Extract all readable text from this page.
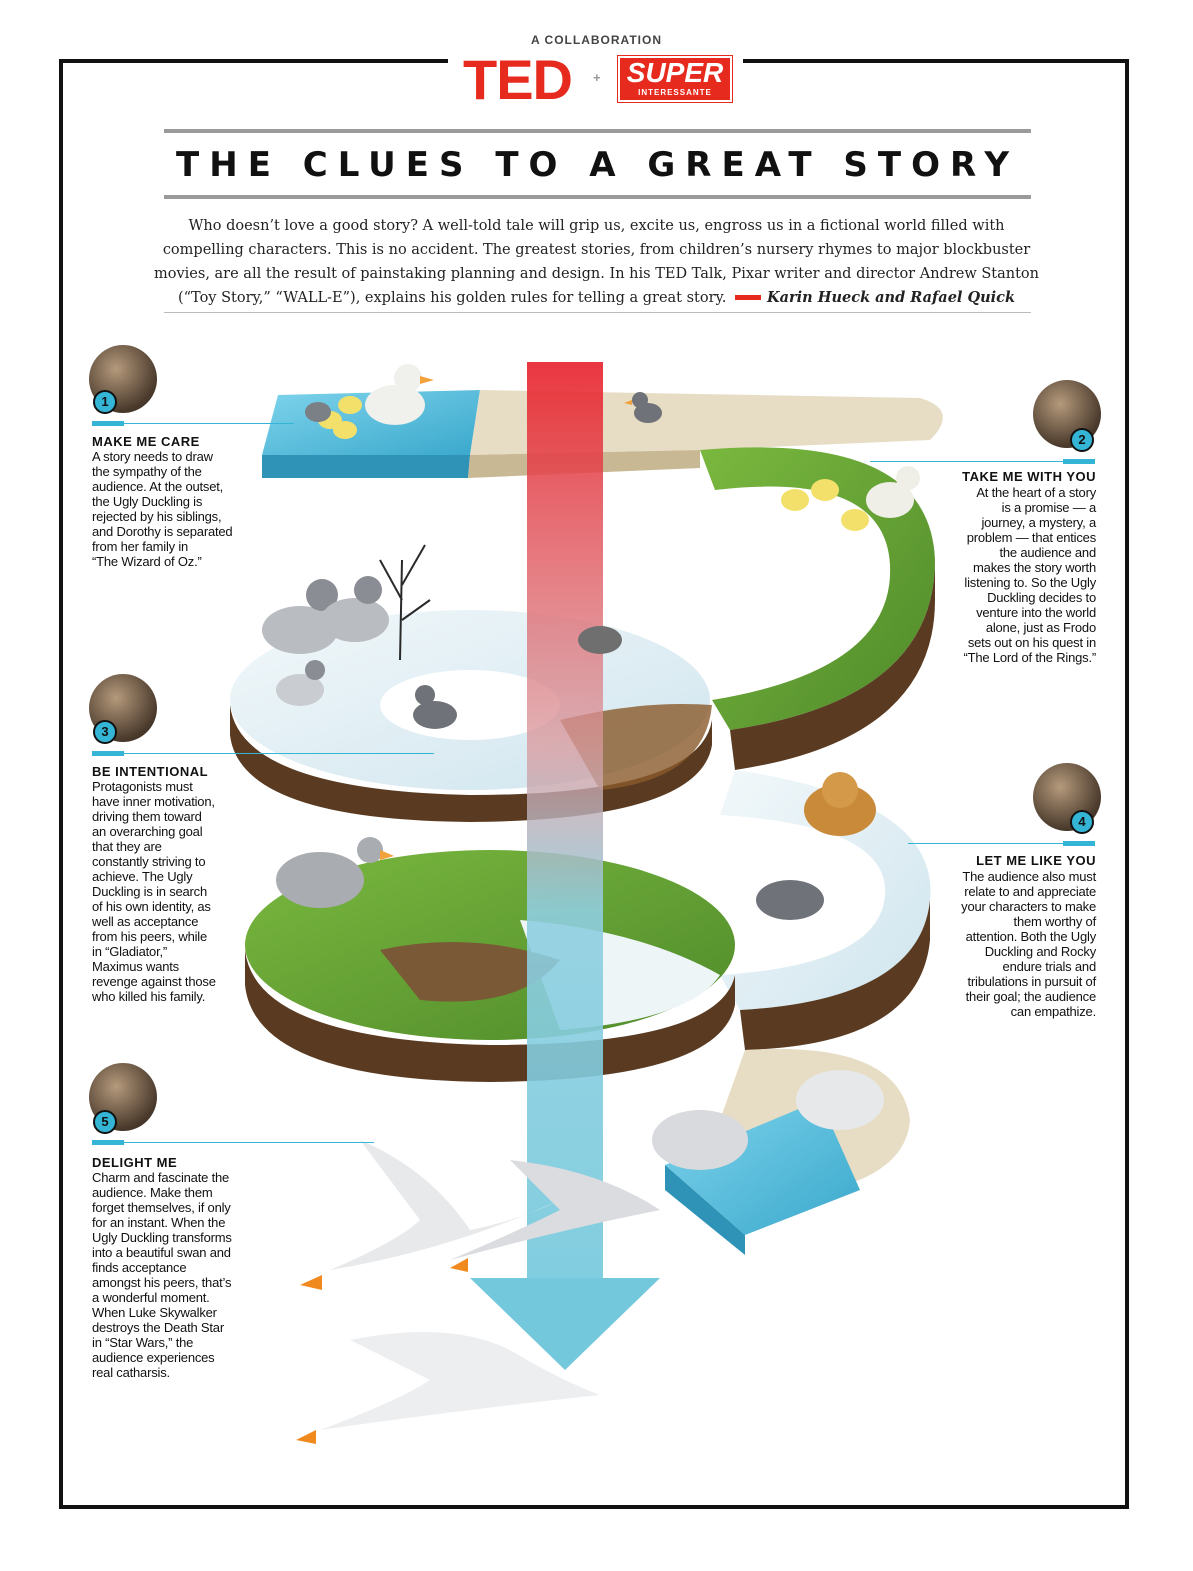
A COLLABORATION
TED + SUPER
INTERESSANTE
THE CLUES TO A GREAT STORY
Who doesn’t love a good story? A well-told tale will grip us, excite us, engross us in a fictional world filled with compelling characters. This is no accident. The greatest stories, from children’s nursery rhymes to major blockbuster movies, are all the result of painstaking planning and design. In his TED Talk, Pixar writer and director Andrew Stanton (“Toy Story,” “WALL-E”), explains his golden rules for telling a great story.	Karin Hueck and Rafael Quick
1
MAKE ME CARE
A story needs to draw
the sympathy of the
audience. At the outset,
the Ugly Duckling is
rejected by his siblings,
and Dorothy is separated
from her family in
“The Wizard of Oz.”
2
TAKE ME WITH YOU
At the heart of a story
is a promise — a
journey, a mystery, a
problem — that entices
the audience and
makes the story worth
listening to. So the Ugly
Duckling decides to
venture into the world
alone, just as Frodo
sets out on his quest in
“The Lord of the Rings.”
3
BE INTENTIONAL
Protagonists must
have inner motivation,
driving them toward
an overarching goal
that they are
constantly striving to
achieve. The Ugly
Duckling is in search
of his own identity, as
well as acceptance
from his peers, while
in “Gladiator,”
Maximus wants
revenge against those
who killed his family.
4
LET ME LIKE YOU
The audience also must
relate to and appreciate
your characters to make
them worthy of
attention. Both the Ugly
Duckling and Rocky
endure trials and
tribulations in pursuit of
their goal; the audience
can empathize.
5
DELIGHT ME
Charm and fascinate the
audience. Make them
forget themselves, if only
for an instant. When the
Ugly Duckling transforms
into a beautiful swan and
finds acceptance
amongst his peers, that’s
a wonderful moment.
When Luke Skywalker
destroys the Death Star
in “Star Wars,” the
audience experiences
real catharsis.
